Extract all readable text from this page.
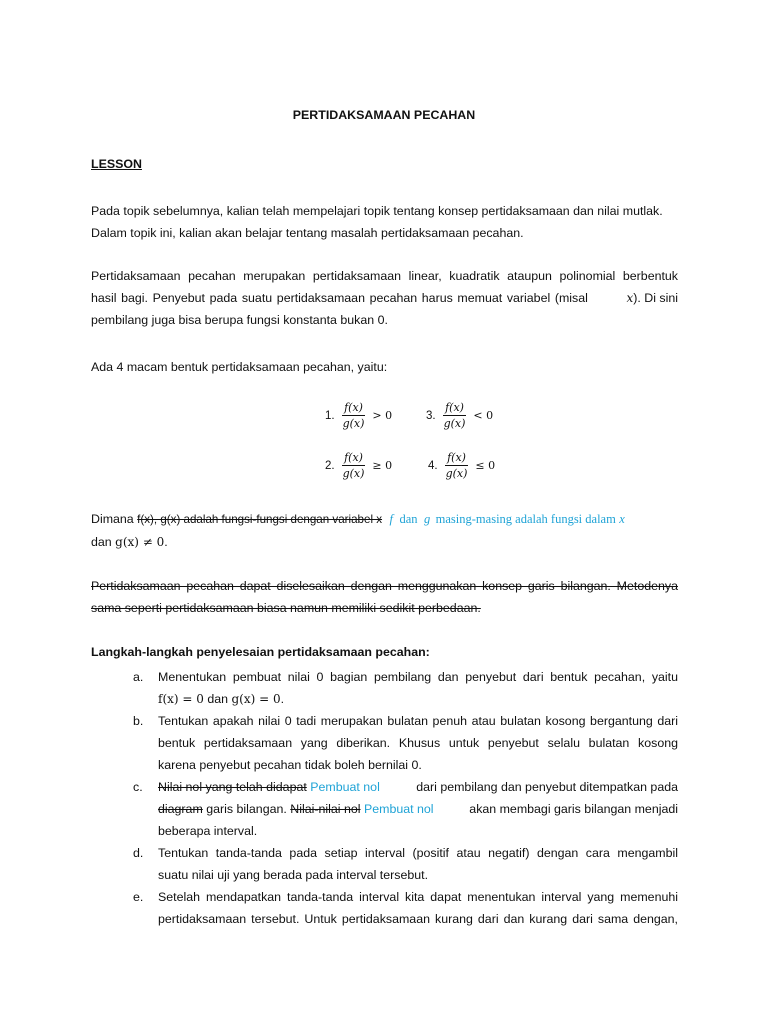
PERTIDAKSAMAAN PECAHAN
LESSON
Pada topik sebelumnya, kalian telah mempelajari topik tentang konsep pertidaksamaan dan nilai mutlak.
Dalam topik ini, kalian akan belajar tentang masalah pertidaksamaan pecahan.
Pertidaksamaan pecahan merupakan pertidaksamaan linear, kuadratik ataupun polinomial berbentuk
hasil bagi. Penyebut pada suatu pertidaksamaan pecahan harus memuat variabel (misal	x). Di sini
pembilang juga bisa berupa fungsi konstanta bukan 0.
Ada 4 macam bentuk pertidaksamaan pecahan, yaitu:
1. $\frac{f(x)}{g(x)} > 0$	3. $\frac{f(x)}{g(x)} < 0$
2. $\frac{f(x)}{g(x)} \ge 0$	4. $\frac{f(x)}{g(x)} \le 0$
Dimana f(x), g(x) adalah fungsi-fungsi dengan variabel x f dan g masing-masing adalah fungsi dalam x
dan g(x) ≠ 0.
Pertidaksamaan pecahan dapat diselesaikan dengan menggunakan konsep garis bilangan. Metodenya
sama seperti pertidaksamaan biasa namun memiliki sedikit perbedaan.
Langkah-langkah penyelesaian pertidaksamaan pecahan:
a. Menentukan pembuat nilai 0 bagian pembilang dan penyebut dari bentuk pecahan, yaitu
f(x) = 0 dan g(x) = 0.
b. Tentukan apakah nilai 0 tadi merupakan bulatan penuh atau bulatan kosong bergantung dari
bentuk pertidaksamaan yang diberikan. Khusus untuk penyebut selalu bulatan kosong
karena penyebut pecahan tidak boleh bernilai 0.
c. Nilai nol yang telah didapat Pembuat nol	dari pembilang dan penyebut ditempatkan pada
diagram garis bilangan. Nilai-nilai nol Pembuat nol	akan membagi garis bilangan menjadi
beberapa interval.
d. Tentukan tanda-tanda pada setiap interval (positif atau negatif) dengan cara mengambil
suatu nilai uji yang berada pada interval tersebut.
e. Setelah mendapatkan tanda-tanda interval kita dapat menentukan interval yang memenuhi
pertidaksamaan tersebut. Untuk pertidaksamaan kurang dari dan kurang dari sama dengan,
